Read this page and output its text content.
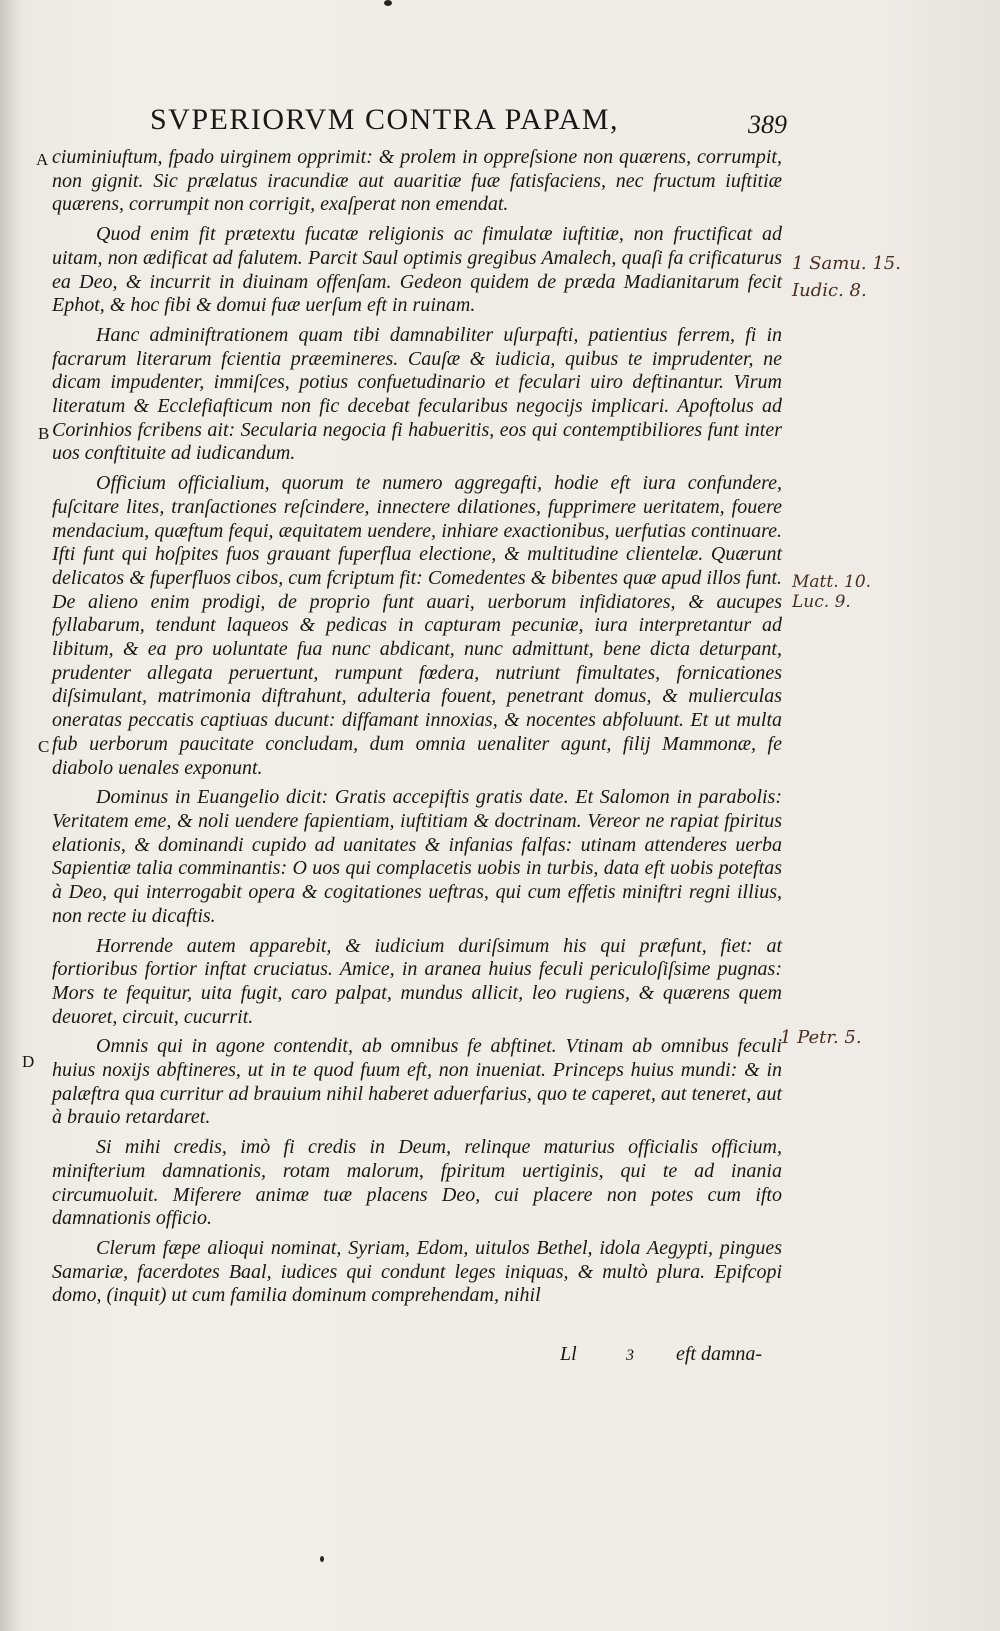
SVPERIORVM CONTRA PAPAM,	389
A
B
C
D

ciuminiuftum, fpado uirginem opprimit: & prolem in oppreſsione non quærens, corrumpit, non gignit. Sic prælatus iracundiæ aut auaritiæ fuæ fatisfaciens, nec fructum iuftitiæ quærens, corrumpit non corrigit, exaſperat non emendat.

Quod enim fit prætextu fucatæ religionis ac fimulatæ iuftitiæ, non fructificat ad uitam, non ædificat ad falutem. Parcit Saul optimis gregibus Amalech, quaſi fa crificaturus ea Deo, & incurrit in diuinam offenſam. Gedeon quidem de præda Madianitarum fecit Ephot, & hoc fibi & domui fuæ uerſum eft in ruinam.

Hanc adminiftrationem quam tibi damnabiliter uſurpafti, patientius ferrem, fi in facrarum literarum fcientia præemineres. Cauſæ & iudicia, quibus te imprudenter, ne dicam impudenter, immiſces, potius confuetudinario et feculari uiro deftinantur. Virum literatum & Ecclefiafticum non fic decebat fecularibus negocijs implicari. Apoftolus ad Corinhios fcribens ait: Secularia negocia fi habueritis, eos qui contemptibiliores funt inter uos conftituite ad iudicandum.

Officium officialium, quorum te numero aggregafti, hodie eft iura confundere, fuſcitare lites, tranſactiones reſcindere, innectere dilationes, fupprimere ueritatem, fouere mendacium, quæftum fequi, æquitatem uendere, inhiare exactionibus, uerfutias continuare. Ifti funt qui hoſpites fuos grauant fuperflua electione, & multitudine clientelæ. Quærunt delicatos & fuperfluos cibos, cum fcriptum fit: Comedentes & bibentes quæ apud illos funt. De alieno enim prodigi, de proprio funt auari, uerborum infidiatores, & aucupes fyllabarum, tendunt laqueos & pedicas in capturam pecuniæ, iura interpretantur ad libitum, & ea pro uoluntate fua nunc abdicant, nunc admittunt, bene dicta deturpant, prudenter allegata peruertunt, rumpunt fœdera, nutriunt fimultates, fornicationes diſsimulant, matrimonia diftrahunt, adulteria fouent, penetrant domus, & mulierculas oneratas peccatis captiuas ducunt: diffamant innoxias, & nocentes abfoluunt. Et ut multa fub uerborum paucitate concludam, dum omnia uenaliter agunt, filij Mammonæ, fe diabolo uenales exponunt.

Dominus in Euangelio dicit: Gratis accepiftis gratis date. Et Salomon in parabolis: Veritatem eme, & noli uendere fapientiam, iuftitiam & doctrinam. Vereor ne rapiat fpiritus elationis, & dominandi cupido ad uanitates & infanias falfas: utinam attenderes uerba Sapientiæ talia comminantis: O uos qui complacetis uobis in turbis, data eft uobis poteftas à Deo, qui interrogabit opera & cogitationes ueftras, qui cum effetis miniftri regni illius, non recte iu dicaftis.

Horrende autem apparebit, & iudicium duriſsimum his qui præfunt, fiet: at fortioribus fortior inftat cruciatus. Amice, in aranea huius feculi periculoſiſsime pugnas: Mors te fequitur, uita fugit, caro palpat, mundus allicit, leo rugiens, & quærens quem deuoret, circuit, cucurrit.

Omnis qui in agone contendit, ab omnibus fe abftinet. Vtinam ab omnibus feculi huius noxijs abftineres, ut in te quod fuum eft, non inueniat. Princeps huius mundi: & in palæftra qua curritur ad brauium nihil haberet aduerfarius, quo te caperet, aut teneret, aut à brauio retardaret.

Si mihi credis, imò fi credis in Deum, relinque maturius officialis officium, minifterium damnationis, rotam malorum, fpiritum uertiginis, qui te ad inania circumuoluit. Miferere animæ tuæ placens Deo, cui placere non potes cum ifto damnationis officio.

Clerum fæpe alioqui nominat, Syriam, Edom, uitulos Bethel, idola Aegypti, pingues Samariæ, facerdotes Baal, iudices qui condunt leges iniquas, & multò plura. Epifcopi domo, (inquit) ut cum familia dominum comprehendam, nihil

1 Samu. 15.
Iudic. 8.
Matt. 10. Luc. 9.
1 Petr. 5.
Ll	3 eft damna-
